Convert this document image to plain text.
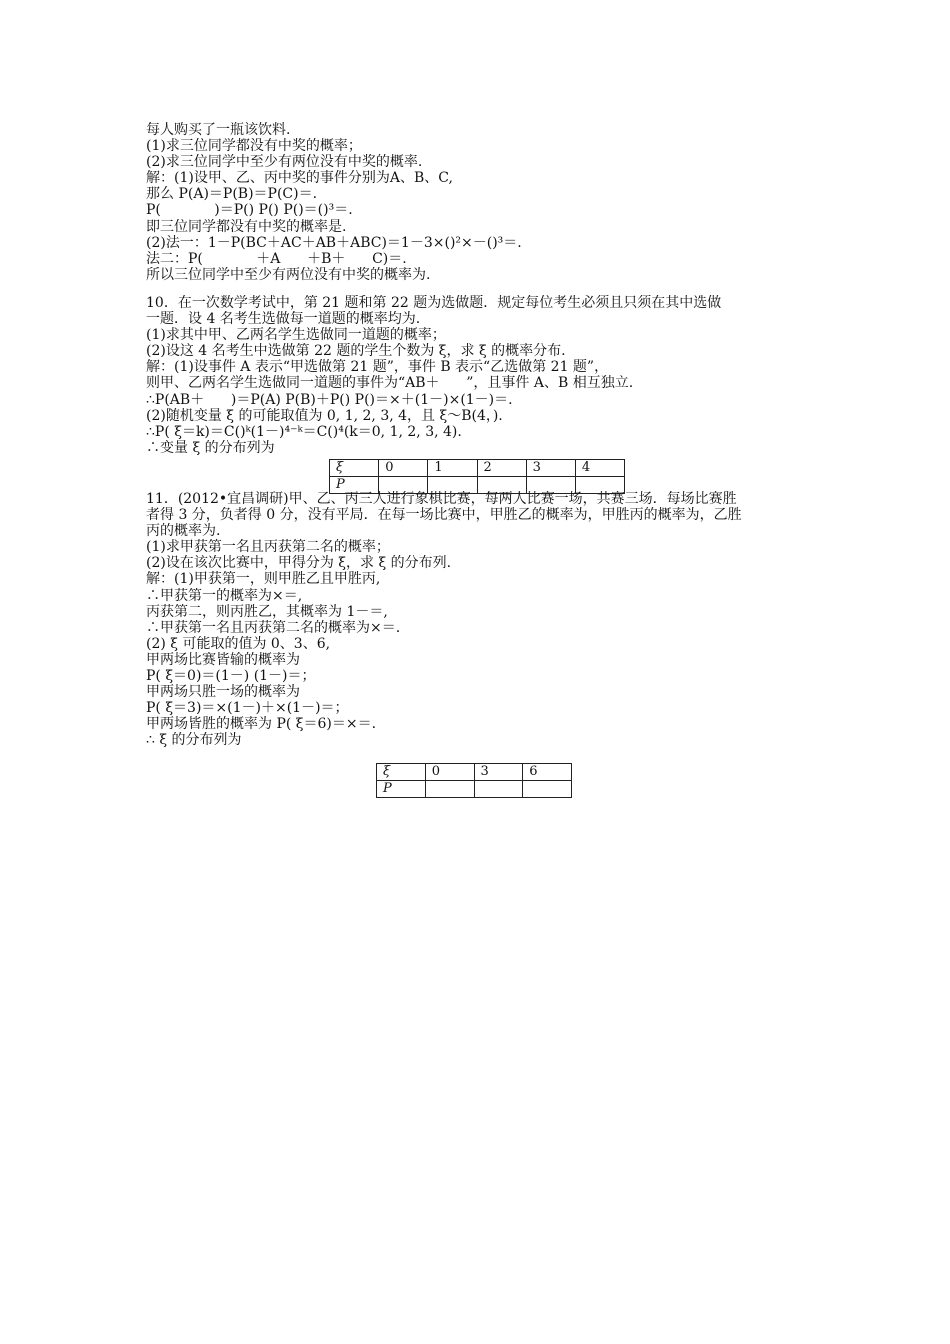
每人购买了一瓶该饮料.
(1)求三位同学都没有中奖的概率；
(2)求三位同学中至少有两位没有中奖的概率.
解：(1)设甲、乙、丙中奖的事件分别为A、B、C,
那么 P(A)＝P(B)＝P(C)＝.
P(            )＝P() P() P()＝()³＝.
即三位同学都没有中奖的概率是.
(2)法一：1－P(BC＋AC＋AB＋ABC)＝1－3×()²×－()³＝.
法二：P(            ＋A      ＋B＋      C)＝.
所以三位同学中至少有两位没有中奖的概率为.
10．在一次数学考试中，第 21 题和第 22 题为选做题．规定每位考生必须且只须在其中选做
一题．设 4 名考生选做每一道题的概率均为.
(1)求其中甲、乙两名学生选做同一道题的概率；
(2)设这 4 名考生中选做第 22 题的学生个数为 ξ，求 ξ 的概率分布.
解：(1)设事件 A 表示“甲选做第 21 题”，事件 B 表示“乙选做第 21 题”，
则甲、乙两名学生选做同一道题的事件为“AB＋      ”，且事件 A、B 相互独立.
∴P(AB＋      )＝P(A) P(B)＋P() P()＝×＋(1－)×(1－)＝.
(2)随机变量 ξ 的可能取值为 0, 1, 2, 3, 4，且 ξ～B(4，).
∴P( ξ＝k)＝C()ᵏ(1－)⁴⁻ᵏ＝C()⁴(k＝0, 1, 2, 3, 4).
∴变量 ξ 的分布列为
ξ	0	1	2	3	4
P					
11．(2012•宜昌调研)甲、乙、丙三人进行象棋比赛，每两人比赛一场，共赛三场．每场比赛胜
者得 3 分，负者得 0 分，没有平局．在每一场比赛中，甲胜乙的概率为，甲胜丙的概率为，乙胜
丙的概率为.
(1)求甲获第一名且丙获第二名的概率；
(2)设在该次比赛中，甲得分为 ξ，求 ξ 的分布列.
解：(1)甲获第一，则甲胜乙且甲胜丙,
∴甲获第一的概率为×＝,
丙获第二，则丙胜乙，其概率为 1－＝,
∴甲获第一名且丙获第二名的概率为×＝.
(2) ξ 可能取的值为 0、3、6,
甲两场比赛皆输的概率为
P( ξ＝0)＝(1－) (1－)＝；
甲两场只胜一场的概率为
P( ξ＝3)＝×(1－)＋×(1－)＝；
甲两场皆胜的概率为 P( ξ＝6)＝×＝.
∴ ξ 的分布列为
ξ	0	3	6
P			
